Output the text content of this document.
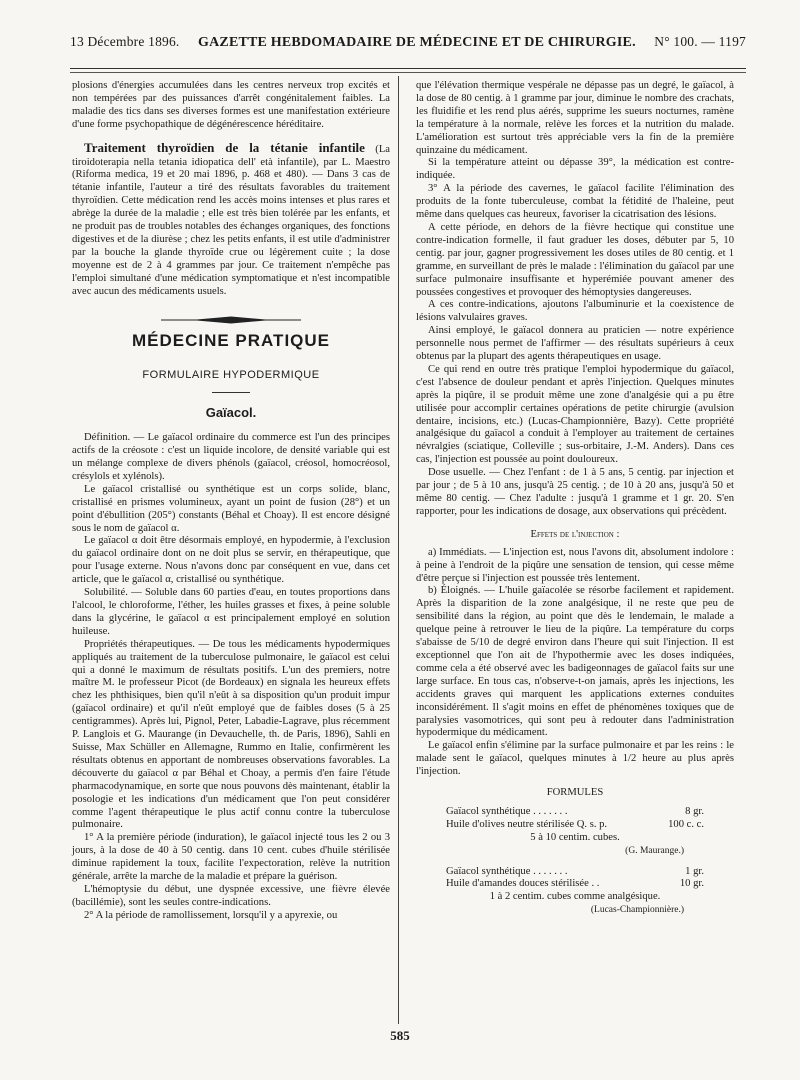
13 Décembre 1896. GAZETTE HEBDOMADAIRE DE MÉDECINE ET DE CHIRURGIE. N° 100. — 1197

plosions d'énergies accumulées dans les centres nerveux trop excités et non tempérées par des puissances d'arrêt congénitalement faibles. La maladie des tics dans ses diverses formes est une manifestation extérieure d'une forme psychopathique de dégénérescence héréditaire.

Traitement thyroïdien de la tétanie infantile (La tiroidoterapia nella tetania idiopatica dell' età infantile), par L. Maestro (Riforma medica, 19 et 20 mai 1896, p. 468 et 480). — Dans 3 cas de tétanie infantile, l'auteur a tiré des résultats favorables du traitement thyroïdien. Cette médication rend les accès moins intenses et plus rares et abrège la durée de la maladie ; elle est très bien tolérée par les enfants, et ne produit pas de troubles notables des échanges organiques, des fonctions digestives et de la diurèse ; chez les petits enfants, il est utile d'administrer par la bouche la glande thyroïde crue ou légèrement cuite ; la dose moyenne est de 2 à 4 grammes par jour. Ce traitement n'empêche pas l'emploi simultané d'une médication symptomatique et n'est incompatible avec aucun des médicaments usuels.

MÉDECINE PRATIQUE
FORMULAIRE HYPODERMIQUE
Gaïacol.

Définition. — Le gaïacol ordinaire du commerce est l'un des principes actifs de la créosote : c'est un liquide incolore, de densité variable qui est un mélange complexe de divers phénols (gaïacol, créosol, homocréosol, crésylols et xylénols).

Le gaïacol cristallisé ou synthétique est un corps solide, blanc, cristallisé en prismes volumineux, ayant un point de fusion (28°) et un point d'ébullition (205°) constants (Béhal et Choay). Il est encore désigné sous le nom de gaïacol α.

Le gaïacol α doit être désormais employé, en hypodermie, à l'exclusion du gaïacol ordinaire dont on ne doit plus se servir, en thérapeutique, que pour l'usage externe. Nous n'avons donc par conséquent en vue, dans cet article, que le gaïacol α, cristallisé ou synthétique.

Solubilité. — Soluble dans 60 parties d'eau, en toutes proportions dans l'alcool, le chloroforme, l'éther, les huiles grasses et fixes, à peine soluble dans la glycérine, le gaïacol α est principalement employé en solution huileuse.

Propriétés thérapeutiques. — De tous les médicaments hypodermiques appliqués au traitement de la tuberculose pulmonaire, le gaïacol est celui qui a donné le maximum de résultats positifs. L'un des premiers, notre maître M. le professeur Picot (de Bordeaux) en signala les heureux effets chez les phthisiques, bien qu'il n'eût à sa disposition qu'un produit impur (gaïacol ordinaire) et qu'il n'eût employé que de faibles doses (5 à 25 centigrammes). Après lui, Pignol, Peter, Labadie-Lagrave, plus récemment P. Langlois et G. Maurange (in Devauchelle, th. de Paris, 1896), Sahli en Suisse, Max Schüller en Allemagne, Rummo en Italie, confirmèrent les résultats obtenus en apportant de nombreuses observations favorables. La découverte du gaïacol α par Béhal et Choay, a permis d'en faire l'étude pharmacodynamique, en sorte que nous pouvons dès maintenant, établir la posologie et les indications d'un médicament que l'on peut considérer comme l'agent thérapeutique le plus actif connu contre la tuberculose pulmonaire.

1° A la première période (induration), le gaïacol injecté tous les 2 ou 3 jours, à la dose de 40 à 50 centig. dans 10 cent. cubes d'huile stérilisée diminue rapidement la toux, facilite l'expectoration, relève la nutrition générale, arrête la marche de la maladie et prépare la guérison.

L'hémoptysie du début, une dyspnée excessive, une fièvre élevée (bacillémie), sont les seules contre-indications.

2° A la période de ramollissement, lorsqu'il y a apyrexie, ou

que l'élévation thermique vespérale ne dépasse pas un degré, le gaïacol, à la dose de 80 centig. à 1 gramme par jour, diminue le nombre des crachats, les fluidifie et les rend plus aérés, supprime les sueurs nocturnes, ramène la température à la normale, relève les forces et la nutrition du malade. L'amélioration est surtout très appréciable vers la fin de la première quinzaine du médicament.

Si la température atteint ou dépasse 39°, la médication est contre-indiquée.

3° A la période des cavernes, le gaïacol facilite l'élimination des produits de la fonte tuberculeuse, combat la fétidité de l'haleine, peut même dans quelques cas heureux, favoriser la cicatrisation des lésions.

A cette période, en dehors de la fièvre hectique qui constitue une contre-indication formelle, il faut graduer les doses, débuter par 5, 10 centig. par jour, gagner progressivement les doses utiles de 80 centig. et 1 gramme, en surveillant de près le malade : l'élimination du gaïacol par une surface pulmonaire insuffisante et hyperémiée pouvant amener des poussées congestives et provoquer des hémoptysies dangereuses.

A ces contre-indications, ajoutons l'albuminurie et la coexistence de lésions valvulaires graves.

Ainsi employé, le gaïacol donnera au praticien — notre expérience personnelle nous permet de l'affirmer — des résultats supérieurs à ceux obtenus par la plupart des agents thérapeutiques en usage.

Ce qui rend en outre très pratique l'emploi hypodermique du gaïacol, c'est l'absence de douleur pendant et après l'injection. Quelques minutes après la piqûre, il se produit même une zone d'analgésie qui a pu être utilisée pour accomplir certaines opérations de petite chirurgie (avulsion dentaire, incisions, etc.) (Lucas-Championnière, Bazy). Cette propriété analgésique du gaïacol a conduit à l'employer au traitement de certaines névralgies (sciatique, Colleville ; sus-orbitaire, J.-M. Anders). Dans ces cas, l'injection est poussée au point douloureux.

Dose usuelle. — Chez l'enfant : de 1 à 5 ans, 5 centig. par injection et par jour ; de 5 à 10 ans, jusqu'à 25 centig. ; de 10 à 20 ans, jusqu'à 50 et même 80 centig. — Chez l'adulte : jusqu'à 1 gramme et 1 gr. 20. S'en rapporter, pour les indications de dosage, aux observations qui précèdent.

Effets de l'injection :

a) Immédiats. — L'injection est, nous l'avons dit, absolument indolore : à peine à l'endroit de la piqûre une sensation de tension, qui cesse même d'être perçue si l'injection est poussée très lentement.

b) Éloignés. — L'huile gaïacolée se résorbe facilement et rapidement. Après la disparition de la zone analgésique, il ne reste que peu de sensibilité dans la région, au point que dès le lendemain, le malade a quelque peine à retrouver le lieu de la piqûre. La température du corps s'abaisse de 5/10 de degré environ dans l'heure qui suit l'injection. Il est exceptionnel que l'on ait de l'hypothermie avec les doses indiquées, comme cela a été observé avec les badigeonnages de gaïacol faits sur une large surface. En tous cas, n'observe-t-on jamais, après les injections, les accidents graves qui marquent les applications externes conduites inconsidérément. Il s'agit moins en effet de phénomènes toxiques que de paralysies vasomotrices, qui sont peu à redouter dans l'administration hypodermique du médicament.

Le gaïacol enfin s'élimine par la surface pulmonaire et par les reins : le malade sent le gaïacol, quelques minutes à 1/2 heure au plus après l'injection.

FORMULES

Gaïacol synthétique . . . . . . .	8 gr.
Huile d'olives neutre stérilisée Q. s. p.	100 c. c.

5 à 10 centim. cubes.

(G. Maurange.)
Gaïacol synthétique . . . . . . .	1 gr.
Huile d'amandes douces stérilisée . .	10 gr.

1 à 2 centim. cubes comme analgésique.

(Lucas-Championnière.)
585
